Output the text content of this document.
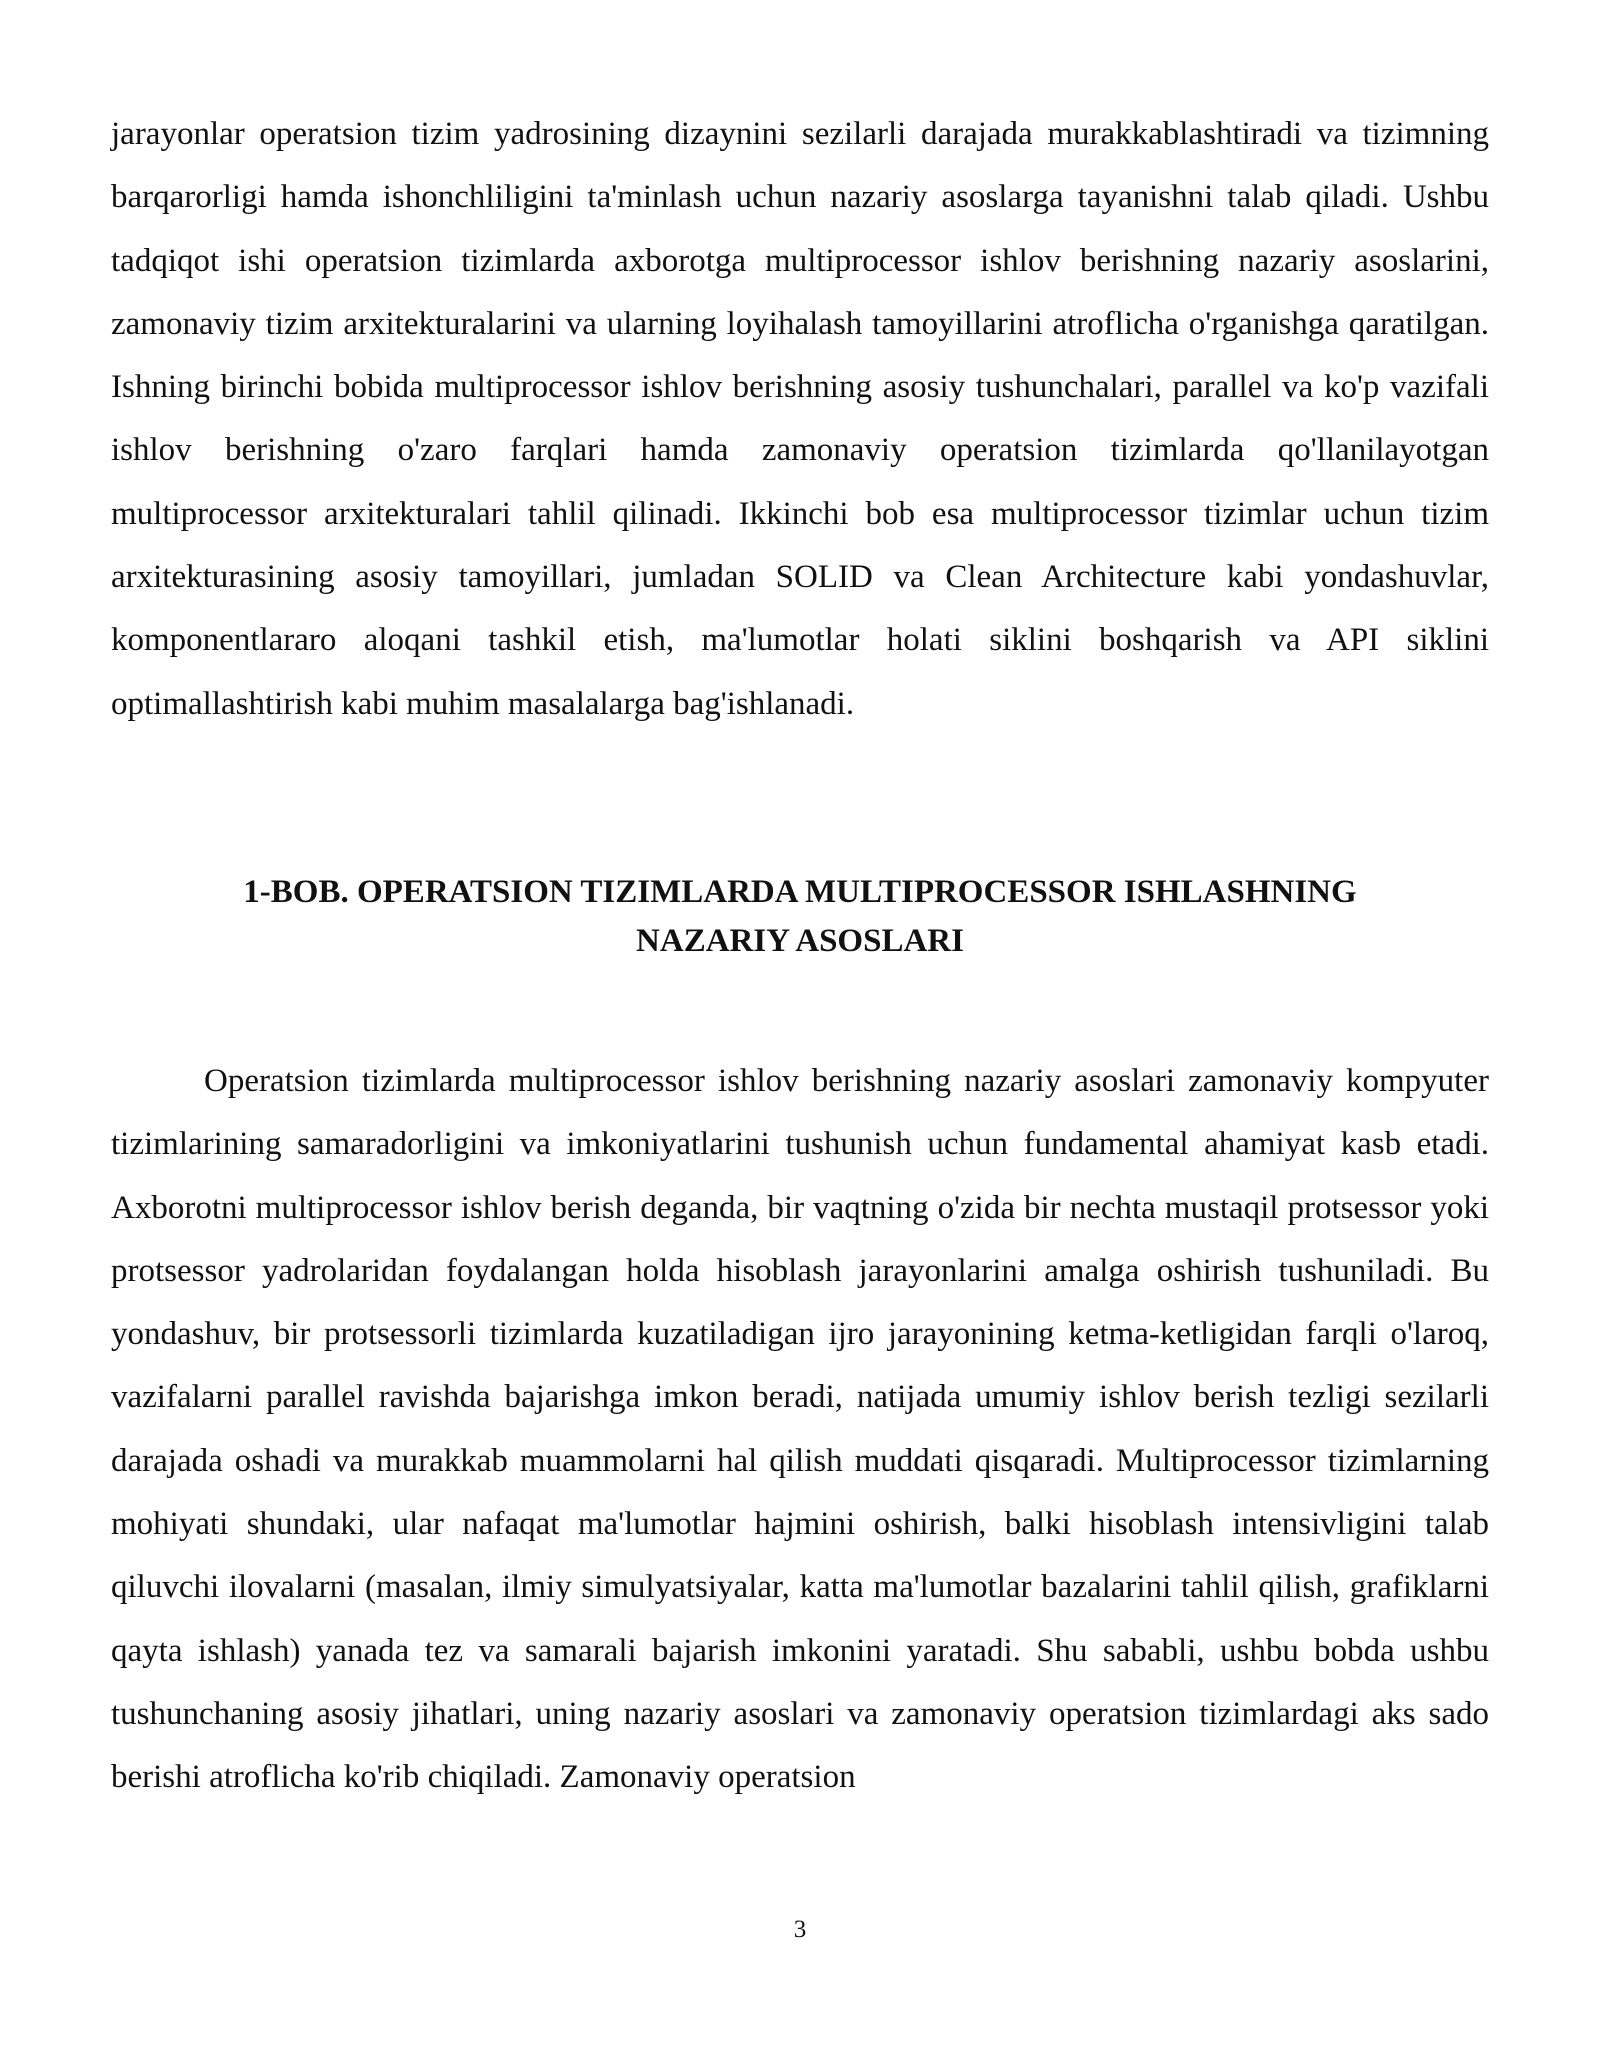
jarayonlar operatsion tizim yadrosining dizaynini sezilarli darajada murakkablashtiradi va tizimning barqarorligi hamda ishonchliligini ta'minlash uchun nazariy asoslarga tayanishni talab qiladi. Ushbu tadqiqot ishi operatsion tizimlarda axborotga multiprocessor ishlov berishning nazariy asoslarini, zamonaviy tizim arxitekturalarini va ularning loyihalash tamoyillarini atroflicha o'rganishga qaratilgan. Ishning birinchi bobida multiprocessor ishlov berishning asosiy tushunchalari, parallel va ko'p vazifali ishlov berishning o'zaro farqlari hamda zamonaviy operatsion tizimlarda qo'llanilayotgan multiprocessor arxitekturalari tahlil qilinadi. Ikkinchi bob esa multiprocessor tizimlar uchun tizim arxitekturasining asosiy tamoyillari, jumladan SOLID va Clean Architecture kabi yondashuvlar, komponentlararo aloqani tashkil etish, ma'lumotlar holati siklini boshqarish va API siklini optimallashtirish kabi muhim masalalarga bag'ishlanadi.

1-BOB. OPERATSION TIZIMLARDA MULTIPROCESSOR ISHLASHNING
NAZARIY ASOSLARI

Operatsion tizimlarda multiprocessor ishlov berishning nazariy asoslari zamonaviy kompyuter tizimlarining samaradorligini va imkoniyatlarini tushunish uchun fundamental ahamiyat kasb etadi. Axborotni multiprocessor ishlov berish deganda, bir vaqtning o'zida bir nechta mustaqil protsessor yoki protsessor yadrolaridan foydalangan holda hisoblash jarayonlarini amalga oshirish tushuniladi. Bu yondashuv, bir protsessorli tizimlarda kuzatiladigan ijro jarayonining ketma-ketligidan farqli o'laroq, vazifalarni parallel ravishda bajarishga imkon beradi, natijada umumiy ishlov berish tezligi sezilarli darajada oshadi va murakkab muammolarni hal qilish muddati qisqaradi. Multiprocessor tizimlarning mohiyati shundaki, ular nafaqat ma'lumotlar hajmini oshirish, balki hisoblash intensivligini talab qiluvchi ilovalarni (masalan, ilmiy simulyatsiyalar, katta ma'lumotlar bazalarini tahlil qilish, grafiklarni qayta ishlash) yanada tez va samarali bajarish imkonini yaratadi. Shu sababli, ushbu bobda ushbu tushunchaning asosiy jihatlari, uning nazariy asoslari va zamonaviy operatsion tizimlardagi aks sado berishi atroflicha ko'rib chiqiladi. Zamonaviy operatsion

3
